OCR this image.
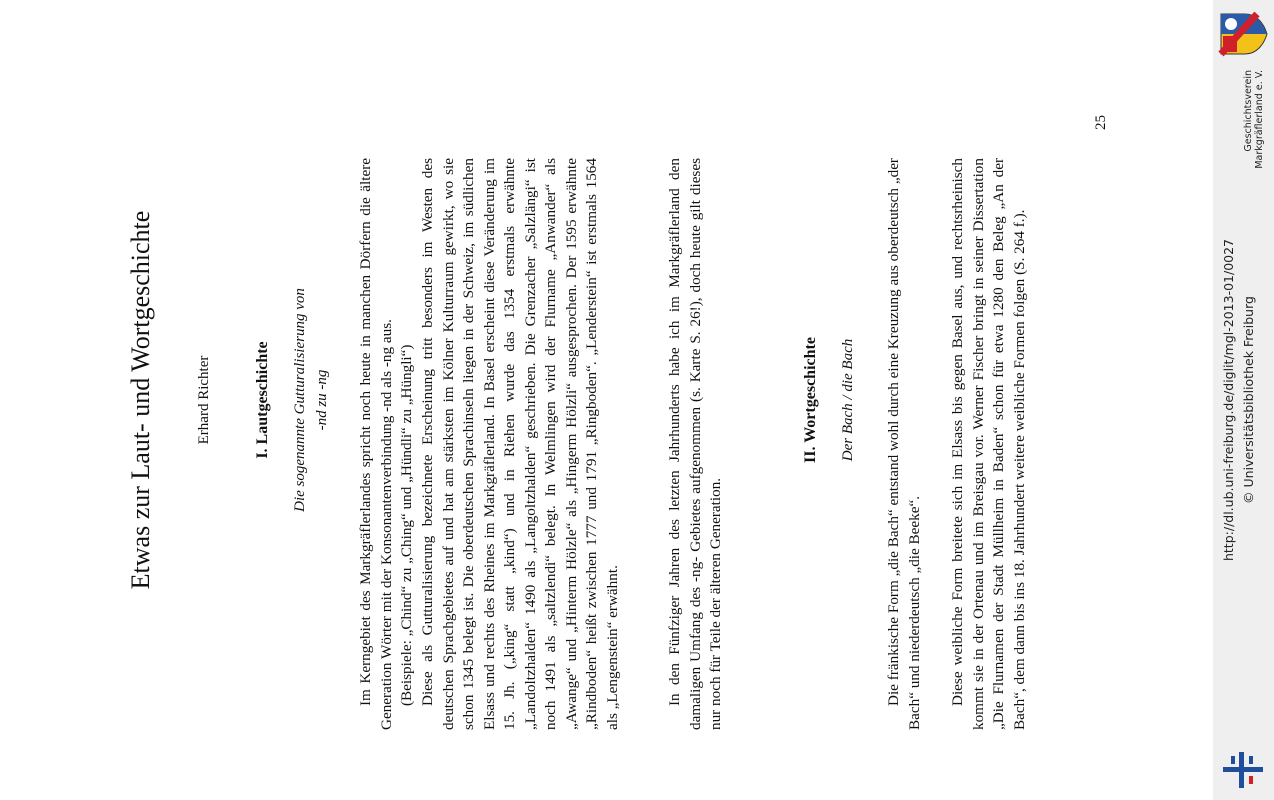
Etwas zur Laut- und Wortgeschichte	Erhard Richter	I. Lautgeschichte Die sogenannte Gutturalisierung von -nd zu -ng Im Kerngebiet des Markgräflerlandes spricht noch heute in manchen Dörfern die ältere Generation Wörter mit der Konsonantenverbindung -nd als -ng aus. (Beispiele: „Chind“ zu „Ching“ und „Hündli“ zu „Hüngli“) Diese als Gutturalisierung bezeichnete Erscheinung tritt besonders im Westen des deutschen Sprachgebietes auf und hat am stärksten im Kölner Kulturraum gewirkt, wo sie schon 1345 belegt ist. Die oberdeutschen Sprachinseln liegen in der Schweiz, im südlichen Elsass und rechts des Rheines im Markgräflerland. In Basel erscheint diese Veränderung im 15. Jh. („king“ statt „kind“) und in Riehen wurde das 1354 erstmals erwähnte „Landoltzhalden“ 1490 als „Langoltzhalden“ geschrieben. Die Grenzacher „Salzlängi“ ist noch 1491 als „saltzlendi“ belegt. In Welmlingen wird der Flurname „Anwander“ als „Awange“ und „Hinterm Hölzle“ als „Hingerm Hölzli“ ausgesprochen. Der 1595 erwähnte „Rindboden“ heißt zwischen 1777 und 1791 „Ringboden“. „Lenderstein“ ist erstmals 1564 als „Lengenstein“ erwähnt.	In den Fünfziger Jahren des letzten Jahrhunderts habe ich im Markgräflerland den damaligen Umfang des -ng- Gebietes aufgenommen (s. Karte S. 26!), doch heute gilt dieses nur noch für Teile der älteren Generation.

II. Wortgeschichte Der Bach / die Bach Die fränkische Form „die Bach“ entstand wohl durch eine Kreuzung aus oberdeutsch „der Bach“ und niederdeutsch „die Beeke“. Diese weibliche Form breitete sich im Elsass bis gegen Basel aus, und rechtsrheinisch kommt sie in der Ortenau und im Breisgau vor. Werner Fischer bringt in seiner Dissertation „Die Flurnamen der Stadt Müllheim in Baden“ schon für etwa 1280 den Beleg „An der Bach“, dem dann bis ins 18. Jahrhundert weitere weibliche Formen folgen (S. 264 f.).

25
http://dl.ub.uni-freiburg.de/diglit/mgl-2013-01/0027 © Universitätsbibliothek Freiburg
Geschichtsverein Markgräflerland e. V.
